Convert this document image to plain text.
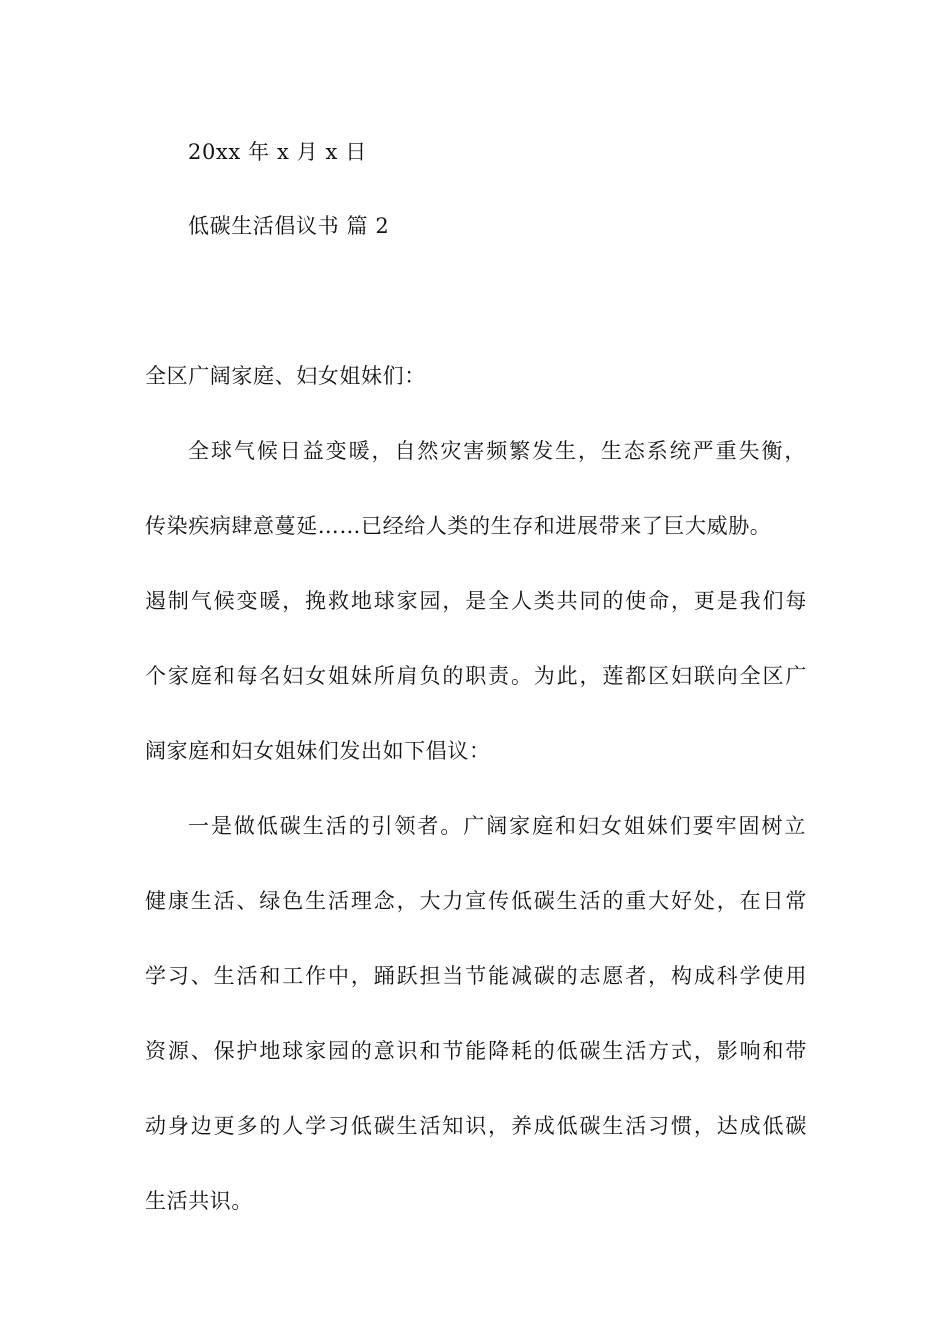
20xx 年 x 月 x 日
低碳生活倡议书 篇 2
全区广阔家庭、妇女姐妹们：
全球气候日益变暖，自然灾害频繁发生，生态系统严重失衡，
传染疾病肆意蔓延……已经给人类的生存和进展带来了巨大威胁。
遏制气候变暖，挽救地球家园，是全人类共同的使命，更是我们每
个家庭和每名妇女姐妹所肩负的职责。为此，莲都区妇联向全区广
阔家庭和妇女姐妹们发出如下倡议：
一是做低碳生活的引领者。广阔家庭和妇女姐妹们要牢固树立
健康生活、绿色生活理念，大力宣传低碳生活的重大好处，在日常
学习、生活和工作中，踊跃担当节能减碳的志愿者，构成科学使用
资源、保护地球家园的意识和节能降耗的低碳生活方式，影响和带
动身边更多的人学习低碳生活知识，养成低碳生活习惯，达成低碳
生活共识。
